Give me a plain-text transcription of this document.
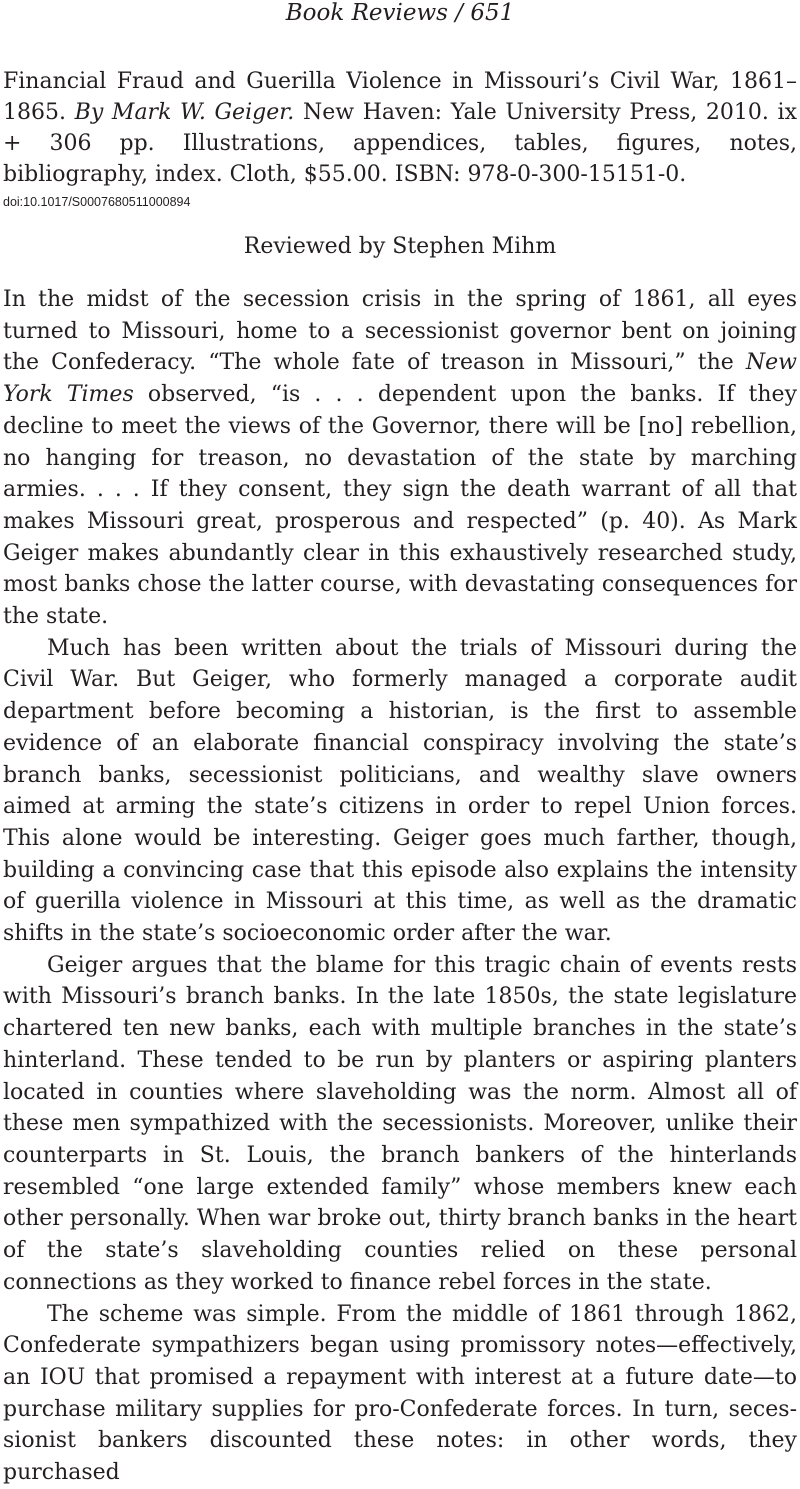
Book Reviews / 651
Financial Fraud and Guerilla Violence in Missouri’s Civil War, 1861–1865. By Mark W. Geiger. New Haven: Yale University Press, 2010. ix + 306 pp. Illustrations, appendices, tables, figures, notes, bibliography, index. Cloth, $55.00. ISBN: 978-0-300-15151-0.
doi:10.1017/S0007680511000894
Reviewed by Stephen Mihm

In the midst of the secession crisis in the spring of 1861, all eyes turned to Missouri, home to a secessionist governor bent on joining the Confederacy. “The whole fate of treason in Missouri,” the New York Times observed, “is . . . dependent upon the banks. If they decline to meet the views of the Governor, there will be [no] rebellion, no hanging for treason, no devastation of the state by marching armies. . . . If they consent, they sign the death warrant of all that makes Missouri great, prosperous and respected” (p. 40). As Mark Geiger makes abundantly clear in this exhaustively researched study, most banks chose the latter course, with devastating consequences for the state.

Much has been written about the trials of Missouri during the Civil War. But Geiger, who formerly managed a corporate audit department before becoming a historian, is the first to assemble evidence of an elaborate financial conspiracy involving the state’s branch banks, secessionist politicians, and wealthy slave owners aimed at arming the state’s citizens in order to repel Union forces. This alone would be interesting. Geiger goes much farther, though, building a convincing case that this episode also explains the intensity of guerilla violence in Missouri at this time, as well as the dramatic shifts in the state’s socioeconomic order after the war.

Geiger argues that the blame for this tragic chain of events rests with Missouri’s branch banks. In the late 1850s, the state legislature chartered ten new banks, each with multiple branches in the state’s hinterland. These tended to be run by planters or aspiring planters located in counties where slaveholding was the norm. Almost all of these men sympathized with the secessionists. Moreover, unlike their counterparts in St. Louis, the branch bankers of the hinterlands resembled “one large extended family” whose members knew each other personally. When war broke out, thirty branch banks in the heart of the state’s slaveholding counties relied on these personal connections as they worked to finance rebel forces in the state.

The scheme was simple. From the middle of 1861 through 1862, Confederate sympathizers began using promissory notes—effectively, an IOU that promised a repayment with interest at a future date—to purchase military supplies for pro-Confederate forces. In turn, secessionist bankers discounted these notes: in other words, they purchased
